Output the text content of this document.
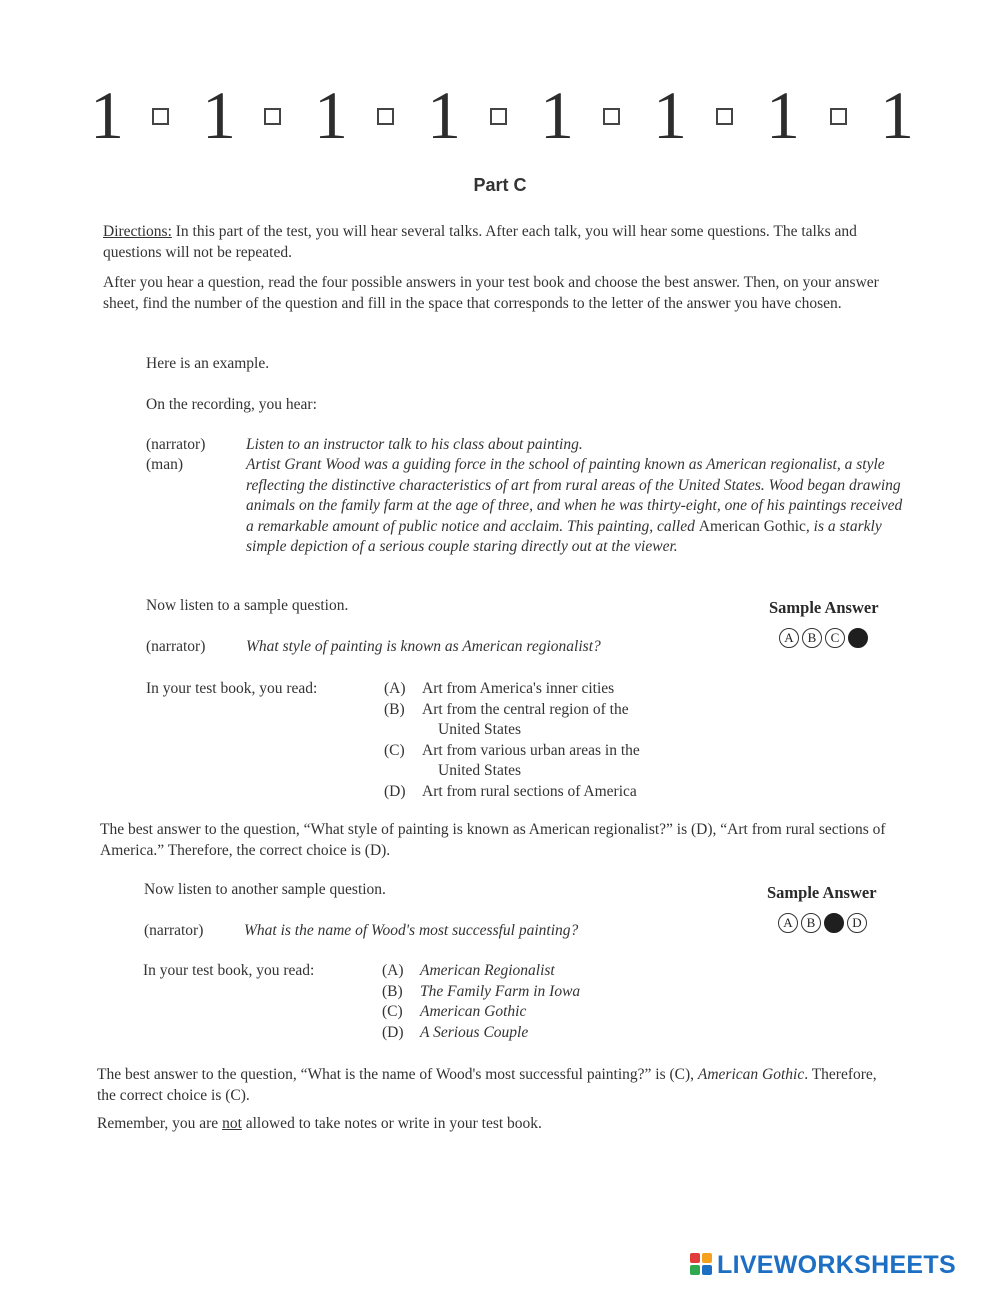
1 1 1 1 1 1 1 1
Part C
Directions: In this part of the test, you will hear several talks. After each talk, you will hear some questions. The talks and questions will not be repeated.
After you hear a question, read the four possible answers in your test book and choose the best answer. Then, on your answer sheet, find the number of the question and fill in the space that corresponds to the letter of the answer you have chosen.
Here is an example.
On the recording, you hear:
(narrator)	Listen to an instructor talk to his class about painting.
(man)	Artist Grant Wood was a guiding force in the school of painting known as American regionalist, a style reflecting the distinctive characteristics of art from rural areas of the United States. Wood began drawing animals on the family farm at the age of three, and when he was thirty-eight, one of his paintings received a remarkable amount of public notice and acclaim. This painting, called American Gothic, is a starkly simple depiction of a serious couple staring directly out at the viewer.
Now listen to a sample question.	Sample Answer
A	B	C
(narrator)	What style of painting is known as American regionalist?
In your test book, you read:	(A) Art from America's inner cities
(B) Art from the central region of the
United States
(C) Art from various urban areas in the
United States
(D) Art from rural sections of America
The best answer to the question, “What style of painting is known as American regionalist?” is (D), “Art from rural sections of America.” Therefore, the correct choice is (D).
Now listen to another sample question.	Sample Answer
A	B	D
(narrator)	What is the name of Wood's most successful painting?
In your test book, you read:	(A) American Regionalist
(B) The Family Farm in Iowa
(C) American Gothic
(D) A Serious Couple
The best answer to the question, “What is the name of Wood's most successful painting?” is (C), American Gothic. Therefore, the correct choice is (C).
Remember, you are not allowed to take notes or write in your test book.
LIVEWORKSHEETS
